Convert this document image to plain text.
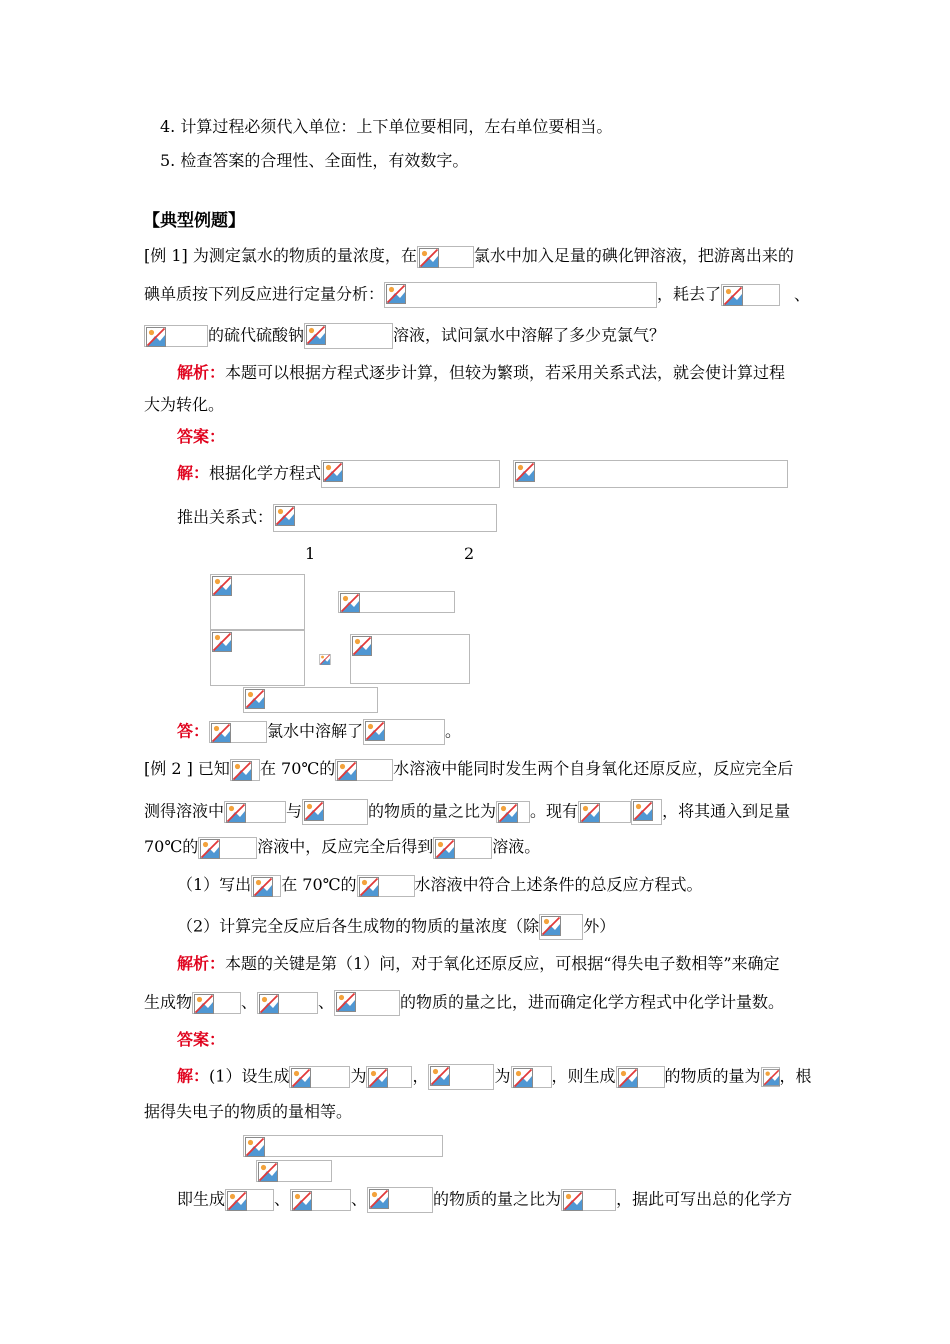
4. 计算过程必须代入单位：上下单位要相同，左右单位要相当。
5. 检查答案的合理性、全面性，有效数字。
【典型例题】
[例 1] 为测定氯水的物质的量浓度，在	氯水中加入足量的碘化钾溶液，把游离出来的
碘单质按下列反应进行定量分析：	，耗去了	、
的硫代硫酸钠	溶液，试问氯水中溶解了多少克氯气？
解析：本题可以根据方程式逐步计算，但较为繁琐，若采用关系式法，就会使计算过程
大为转化。
答案：
解：根据化学方程式
推出关系式：
1	2
答：	氯水中溶解了	。
[例 2 ] 已知 在 70℃的	水溶液中能同时发生两个自身氧化还原反应，反应完全后
测得溶液中	与	的物质的量之比为 。现有	，将其通入到足量
70℃的	溶液中，反应完全后得到	溶液。
（1）写出 在 70℃的	水溶液中符合上述条件的总反应方程式。
（2）计算完全反应后各生成物的物质的量浓度（除	外）
解析：本题的关键是第（1）问，对于氧化还原反应，可根据“得失电子数相等”来确定
生成物	、	、	的物质的量之比，进而确定化学方程式中化学计量数。
答案：
解：(1）设生成	为	，	为	，则生成	的物质的量为 ，根
据得失电子的物质的量相等。
即生成	、	、	的物质的量之比为	，据此可写出总的化学方
